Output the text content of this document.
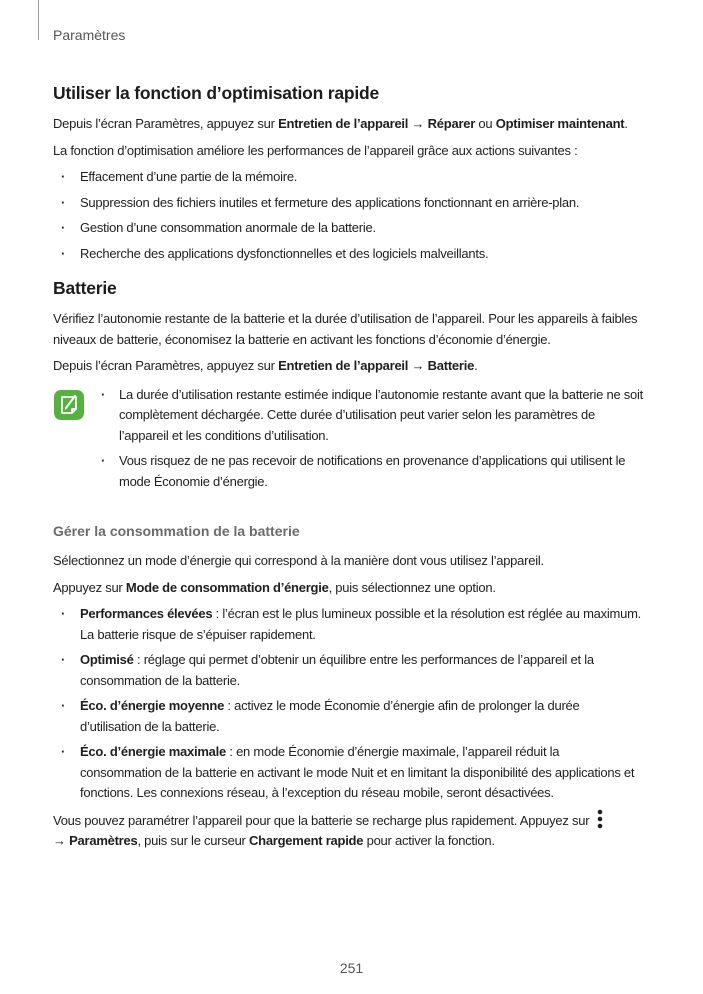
Paramètres
Utiliser la fonction d’optimisation rapide

Depuis l’écran Paramètres, appuyez sur Entretien de l’appareil → Réparer ou Optimiser maintenant.

La fonction d’optimisation améliore les performances de l’appareil grâce aux actions suivantes :

· Effacement d’une partie de la mémoire.
· Suppression des fichiers inutiles et fermeture des applications fonctionnant en arrière-plan.
· Gestion d’une consommation anormale de la batterie.
· Recherche des applications dysfonctionnelles et des logiciels malveillants.
Batterie

Vérifiez l’autonomie restante de la batterie et la durée d’utilisation de l’appareil. Pour les appareils à faibles niveaux de batterie, économisez la batterie en activant les fonctions d’économie d’énergie.

Depuis l’écran Paramètres, appuyez sur Entretien de l’appareil → Batterie.

· La durée d’utilisation restante estimée indique l’autonomie restante avant que la batterie ne soit complètement déchargée. Cette durée d’utilisation peut varier selon les paramètres de l’appareil et les conditions d’utilisation.
· Vous risquez de ne pas recevoir de notifications en provenance d’applications qui utilisent le mode Économie d’énergie.
Gérer la consommation de la batterie

Sélectionnez un mode d’énergie qui correspond à la manière dont vous utilisez l’appareil.

Appuyez sur Mode de consommation d’énergie, puis sélectionnez une option.

· Performances élevées : l’écran est le plus lumineux possible et la résolution est réglée au maximum. La batterie risque de s’épuiser rapidement.
· Optimisé : réglage qui permet d’obtenir un équilibre entre les performances de l’appareil et la consommation de la batterie.
· Éco. d’énergie moyenne : activez le mode Économie d’énergie afin de prolonger la durée d’utilisation de la batterie.
· Éco. d’énergie maximale : en mode Économie d’énergie maximale, l’appareil réduit la consommation de la batterie en activant le mode Nuit et en limitant la disponibilité des applications et fonctions. Les connexions réseau, à l’exception du réseau mobile, seront désactivées.

Vous pouvez paramétrer l’appareil pour que la batterie se recharge plus rapidement. Appuyez sur
→ Paramètres, puis sur le curseur Chargement rapide pour activer la fonction.

251
